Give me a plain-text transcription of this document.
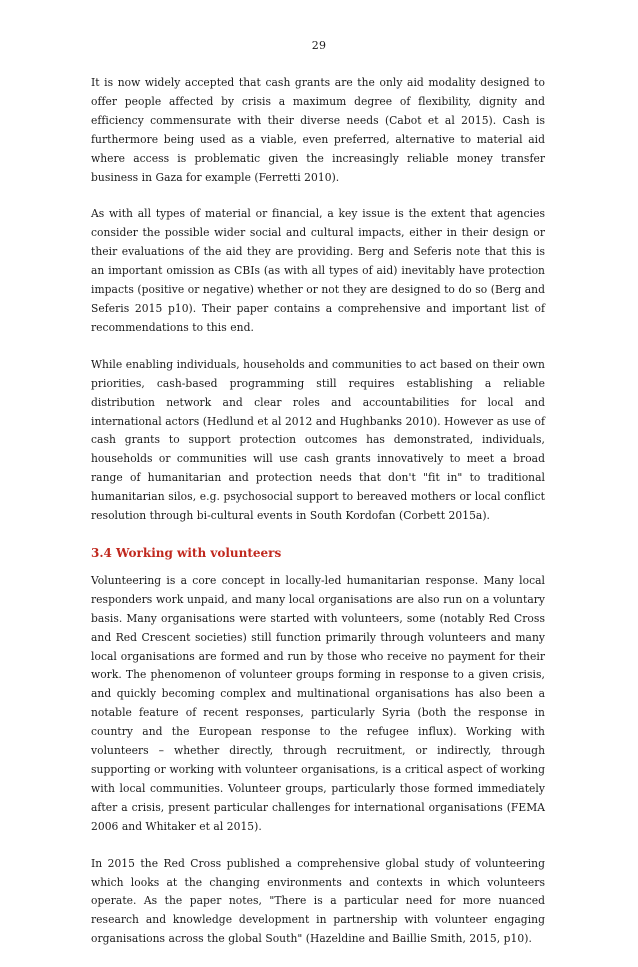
29

It is now widely accepted that cash grants are the only aid modality designed to offer people affected by crisis a maximum degree of flexibility, dignity and efficiency commensurate with their diverse needs (Cabot et al 2015). Cash is furthermore being used as a viable, even preferred, alternative to material aid where access is problematic given the increasingly reliable money transfer business in Gaza for example (Ferretti 2010).

As with all types of material or financial, a key issue is the extent that agencies consider the possible wider social and cultural impacts, either in their design or their evaluations of the aid they are providing. Berg and Seferis note that this is an important omission as CBIs (as with all types of aid) inevitably have protection impacts (positive or negative) whether or not they are designed to do so (Berg and Seferis 2015 p10). Their paper contains a comprehensive and important list of recommendations to this end.

While enabling individuals, households and communities to act based on their own priorities, cash-based programming still requires establishing a reliable distribution network and clear roles and accountabilities for local and international actors (Hedlund et al 2012 and Hughbanks 2010). However as use of cash grants to support protection outcomes has demonstrated, individuals, households or communities will use cash grants innovatively to meet a broad range of humanitarian and protection needs that don't "fit in" to traditional humanitarian silos, e.g. psychosocial support to bereaved mothers or local conflict resolution through bi-cultural events in South Kordofan (Corbett 2015a).

3.4 Working with volunteers

Volunteering is a core concept in locally-led humanitarian response. Many local responders work unpaid, and many local organisations are also run on a voluntary basis. Many organisations were started with volunteers, some (notably Red Cross and Red Crescent societies) still function primarily through volunteers and many local organisations are formed and run by those who receive no payment for their work. The phenomenon of volunteer groups forming in response to a given crisis, and quickly becoming complex and multinational organisations has also been a notable feature of recent responses, particularly Syria (both the response in country and the European response to the refugee influx). Working with volunteers – whether directly, through recruitment, or indirectly, through supporting or working with volunteer organisations, is a critical aspect of working with local communities. Volunteer groups, particularly those formed immediately after a crisis, present particular challenges for international organisations (FEMA 2006 and Whitaker et al 2015).

In 2015 the Red Cross published a comprehensive global study of volunteering which looks at the changing environments and contexts in which volunteers operate. As the paper notes, "There is a particular need for more nuanced research and knowledge development in partnership with volunteer engaging organisations across the global South" (Hazeldine and Baillie Smith, 2015, p10).
